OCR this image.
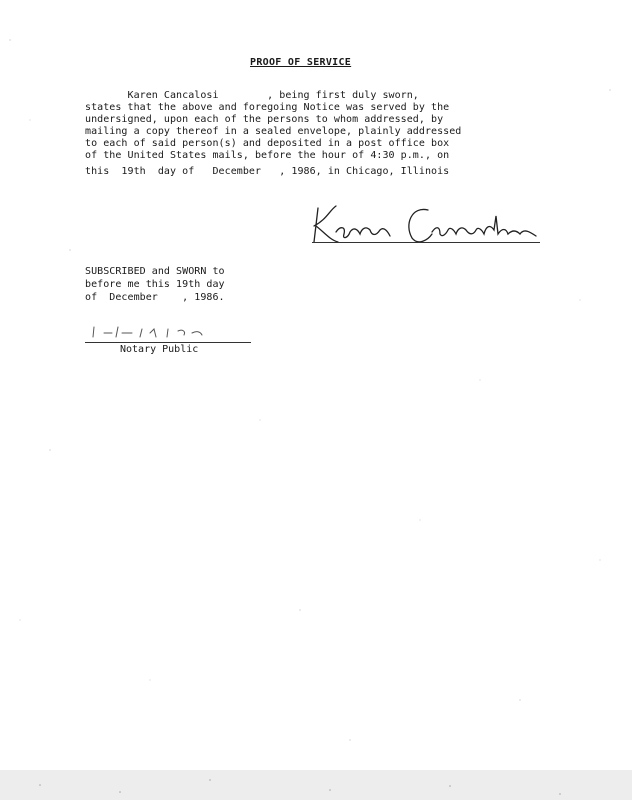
PROOF OF SERVICE
Karen Cancalosi        , being first duly sworn,
states that the above and foregoing Notice was served by the
undersigned, upon each of the persons to whom addressed, by
mailing a copy thereof in a sealed envelope, plainly addressed
to each of said person(s) and deposited in a post office box
of the United States mails, before the hour of 4:30 p.m., on
this  19th  day of   December   , 1986, in Chicago, Illinois
SUBSCRIBED and SWORN to
before me this 19th day
of  December    , 1986.
Notary Public
